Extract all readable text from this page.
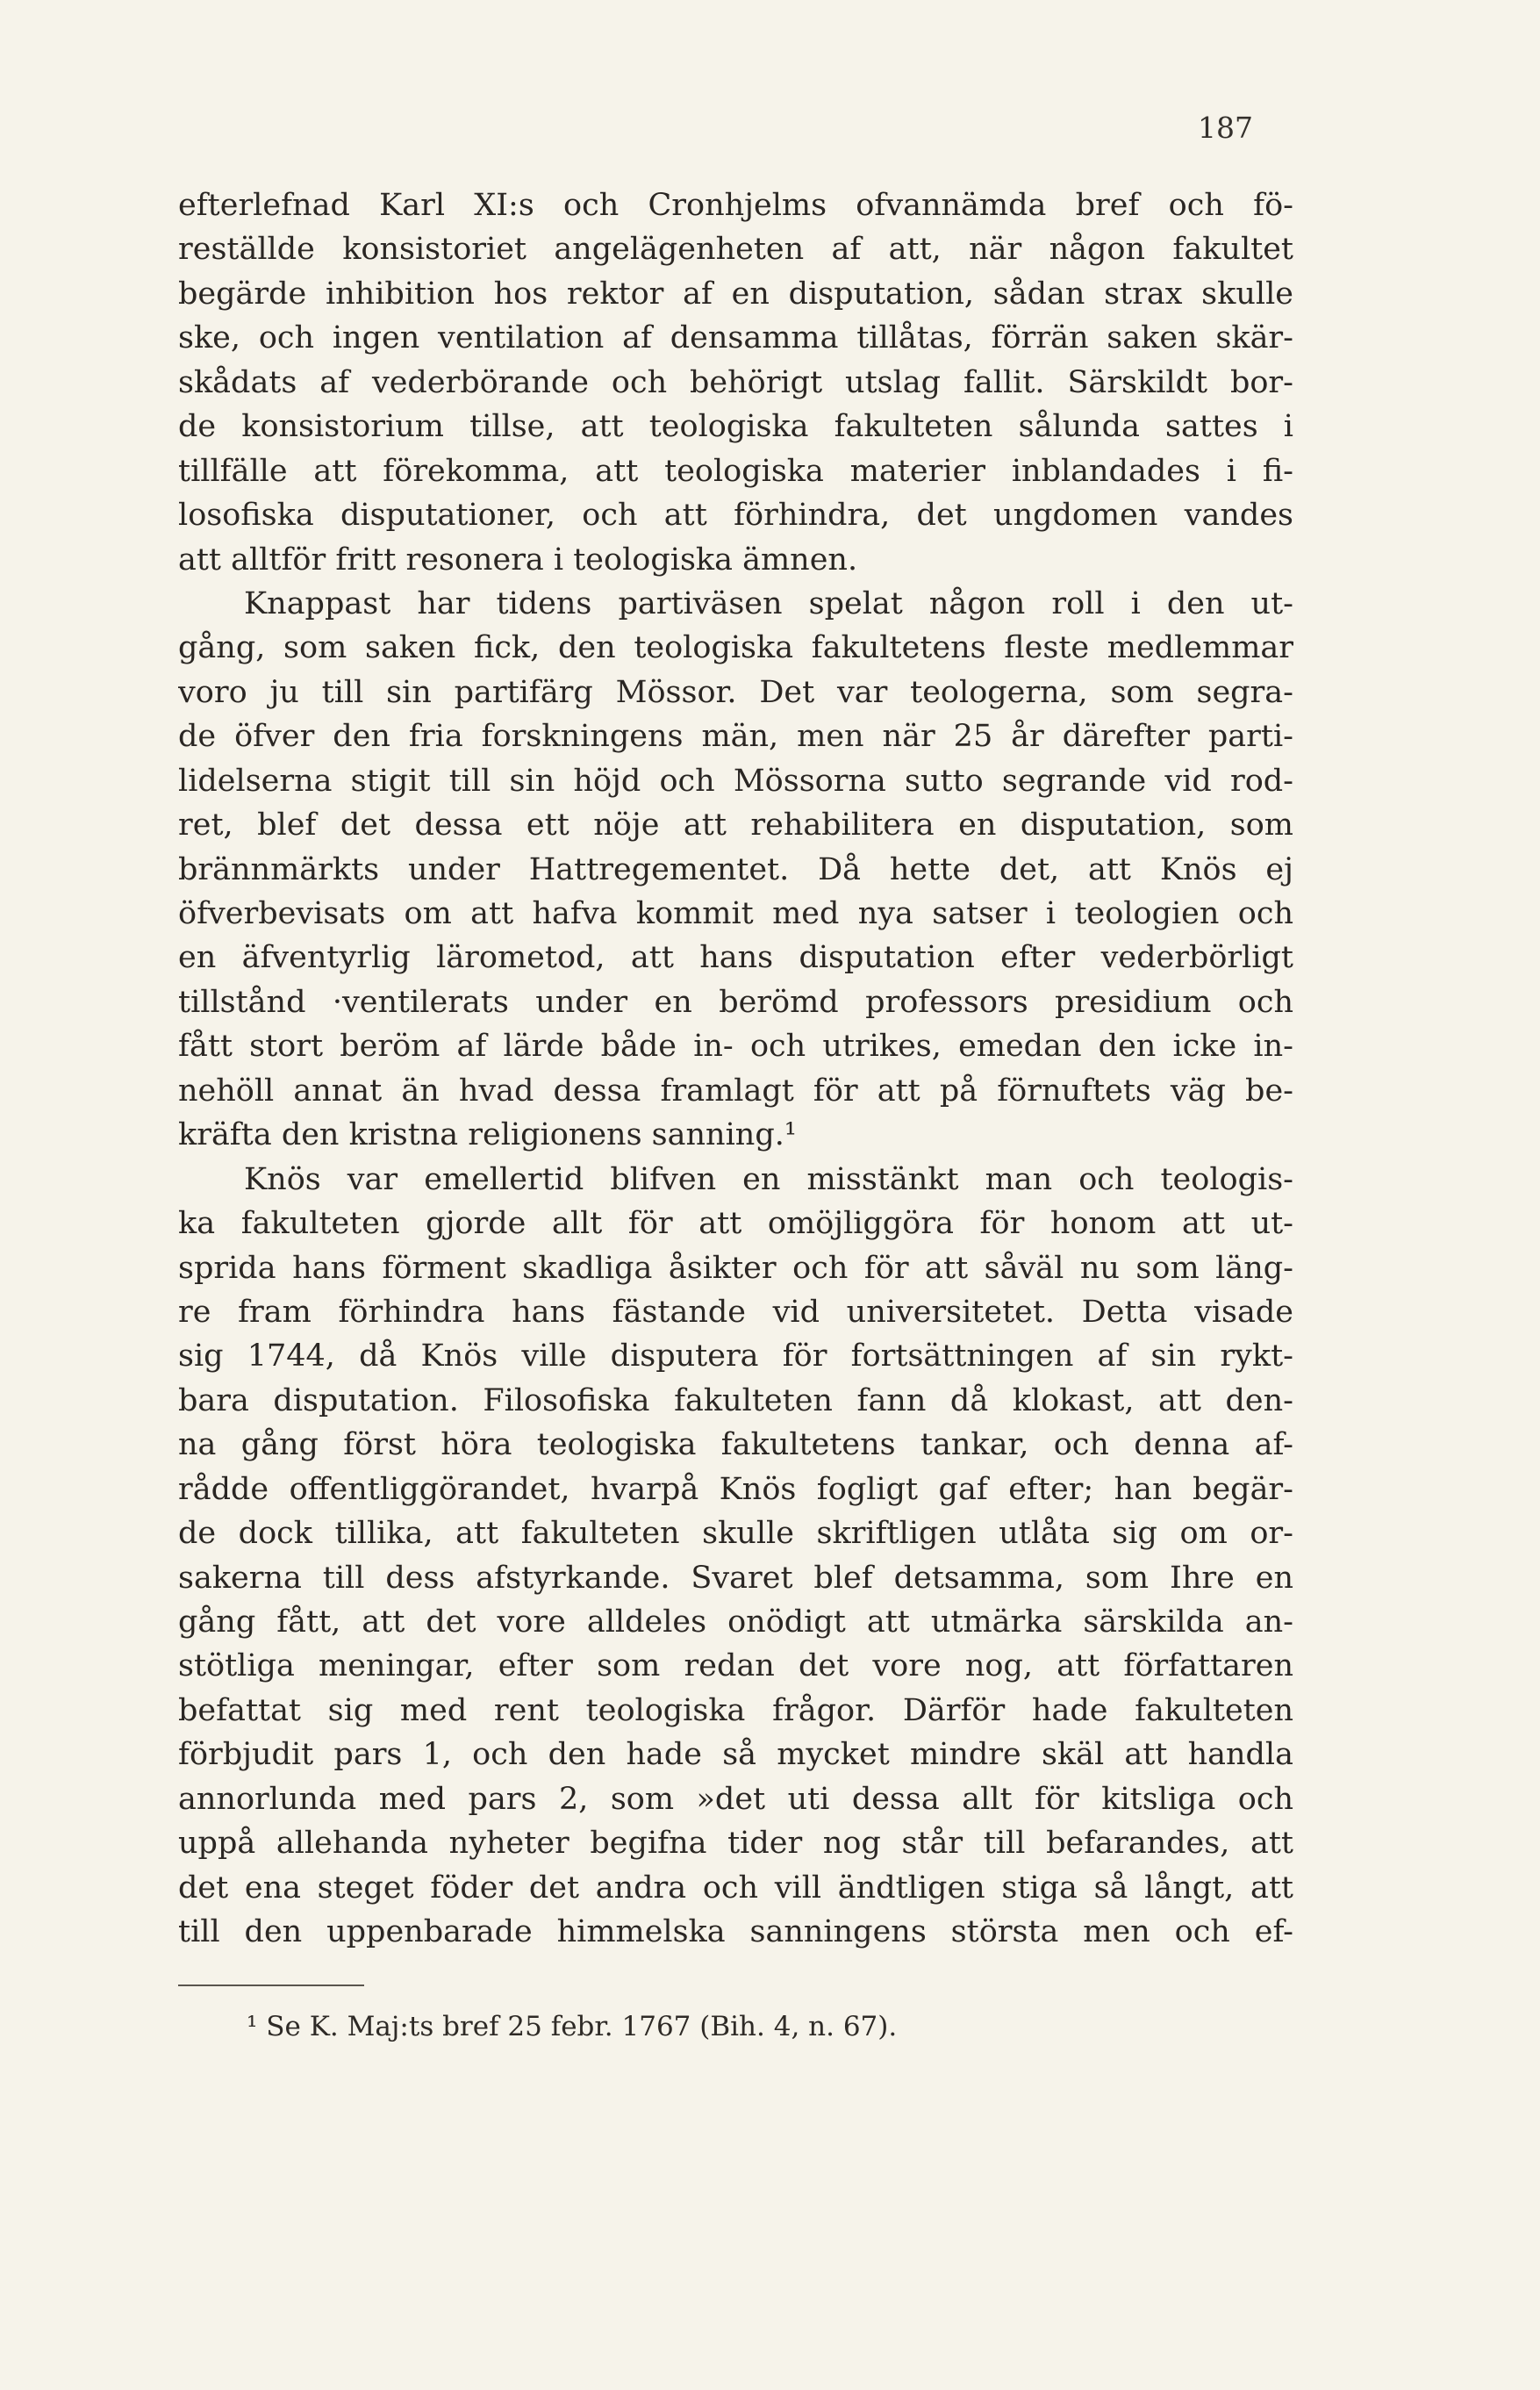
187
efterlefnad Karl XI:s och Cronhjelms ofvannämda bref och fö-
reställde konsistoriet angelägenheten af att, när någon fakultet
begärde inhibition hos rektor af en disputation, sådan strax skulle
ske, och ingen ventilation af densamma tillåtas, förrän saken skär-
skådats af vederbörande och behörigt utslag fallit. Särskildt bor-
de konsistorium tillse, att teologiska fakulteten sålunda sattes i
tillfälle att förekomma, att teologiska materier inblandades i fi-
losofiska disputationer, och att förhindra, det ungdomen vandes
att alltför fritt resonera i teologiska ämnen.
Knappast har tidens partiväsen spelat någon roll i den ut-
gång, som saken fick, den teologiska fakultetens fleste medlemmar
voro ju till sin partifärg Mössor. Det var teologerna, som segra-
de öfver den fria forskningens män, men när 25 år därefter parti-
lidelserna stigit till sin höjd och Mössorna sutto segrande vid rod-
ret, blef det dessa ett nöje att rehabilitera en disputation, som
brännmärkts under Hattregementet. Då hette det, att Knös ej
öfverbevisats om att hafva kommit med nya satser i teologien och
en äfventyrlig lärometod, att hans disputation efter vederbörligt
tillstånd ·ventilerats under en berömd professors presidium och
fått stort beröm af lärde både in- och utrikes, emedan den icke in-
nehöll annat än hvad dessa framlagt för att på förnuftets väg be-
kräfta den kristna religionens sanning.¹
Knös var emellertid blifven en misstänkt man och teologis-
ka fakulteten gjorde allt för att omöjliggöra för honom att ut-
sprida hans förment skadliga åsikter och för att såväl nu som läng-
re fram förhindra hans fästande vid universitetet. Detta visade
sig 1744, då Knös ville disputera för fortsättningen af sin rykt-
bara disputation. Filosofiska fakulteten fann då klokast, att den-
na gång först höra teologiska fakultetens tankar, och denna af-
rådde offentliggörandet, hvarpå Knös fogligt gaf efter; han begär-
de dock tillika, att fakulteten skulle skriftligen utlåta sig om or-
sakerna till dess afstyrkande. Svaret blef detsamma, som Ihre en
gång fått, att det vore alldeles onödigt att utmärka särskilda an-
stötliga meningar, efter som redan det vore nog, att författaren
befattat sig med rent teologiska frågor. Därför hade fakulteten
förbjudit pars 1, och den hade så mycket mindre skäl att handla
annorlunda med pars 2, som »det uti dessa allt för kitsliga och
uppå allehanda nyheter begifna tider nog står till befarandes, att
det ena steget föder det andra och vill ändtligen stiga så långt, att
till den uppenbarade himmelska sanningens största men och ef-
¹ Se K. Maj:ts bref 25 febr. 1767 (Bih. 4, n. 67).
